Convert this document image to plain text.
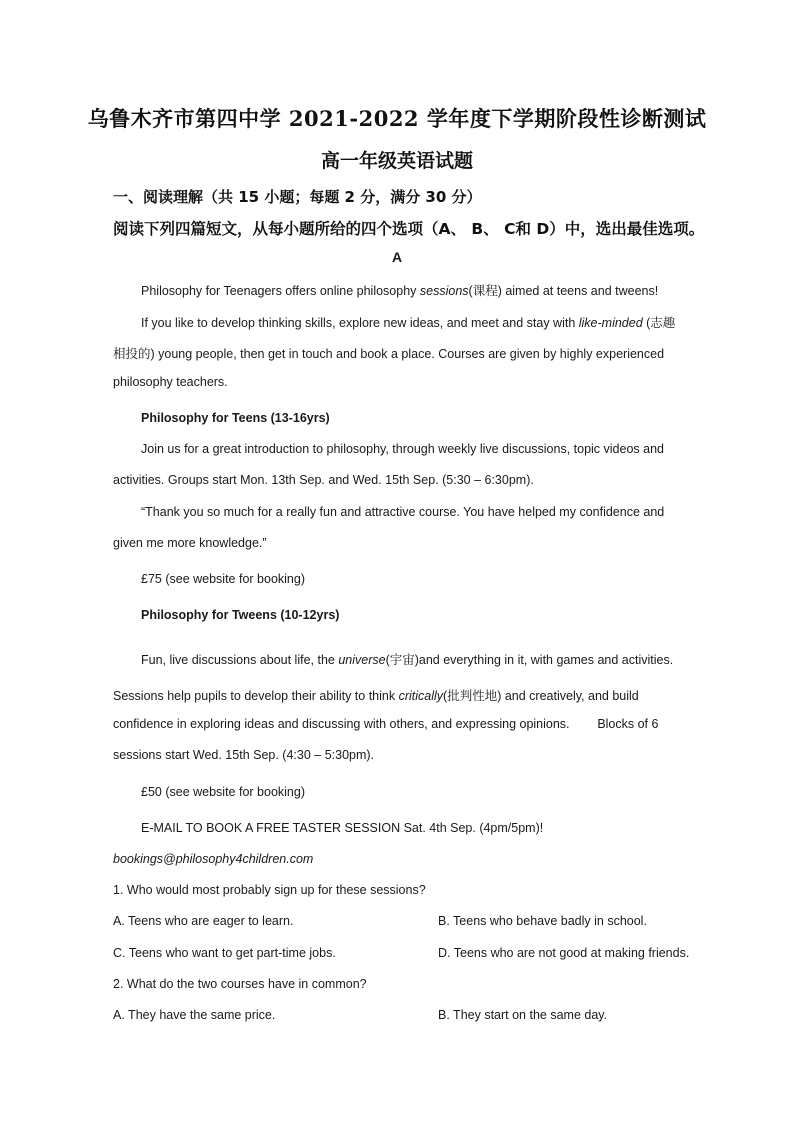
乌鲁木齐市第四中学 2021-2022 学年度下学期阶段性诊断测试
高一年级英语试题
一、阅读理解（共 15 小题；每题 2 分，满分 30 分）
阅读下列四篇短文，从每小题所给的四个选项（A、 B、 C和 D）中，选出最佳选项。
A
Philosophy for Teenagers offers online philosophy sessions(课程) aimed at teens and tweens!
If you like to develop thinking skills, explore new ideas, and meet and stay with like-minded (志趣
相投的) young people, then get in touch and book a place. Courses are given by highly experienced
philosophy teachers.
Philosophy for Teens (13-16yrs)
Join us for a great introduction to philosophy, through weekly live discussions, topic videos and
activities. Groups start Mon. 13th Sep. and Wed. 15th Sep. (5:30 – 6:30pm).
“Thank you so much for a really fun and attractive course. You have helped my confidence and
given me more knowledge.”
£75 (see website for booking)
Philosophy for Tweens (10-12yrs)
Fun, live discussions about life, the universe(宇宙)and everything in it, with games and activities.
Sessions help pupils to develop their ability to think critically(批判性地) and creatively, and build
confidence in exploring ideas and discussing with others, and expressing opinions.        Blocks of 6
sessions start Wed. 15th Sep. (4:30 – 5:30pm).
£50 (see website for booking)
E-MAIL TO BOOK A FREE TASTER SESSION Sat. 4th Sep. (4pm/5pm)!
bookings@philosophy4children.com
1. Who would most probably sign up for these sessions?
A. Teens who are eager to learn.	B. Teens who behave badly in school.
C. Teens who want to get part-time jobs.	D. Teens who are not good at making friends.
2. What do the two courses have in common?
A. They have the same price.	B. They start on the same day.
